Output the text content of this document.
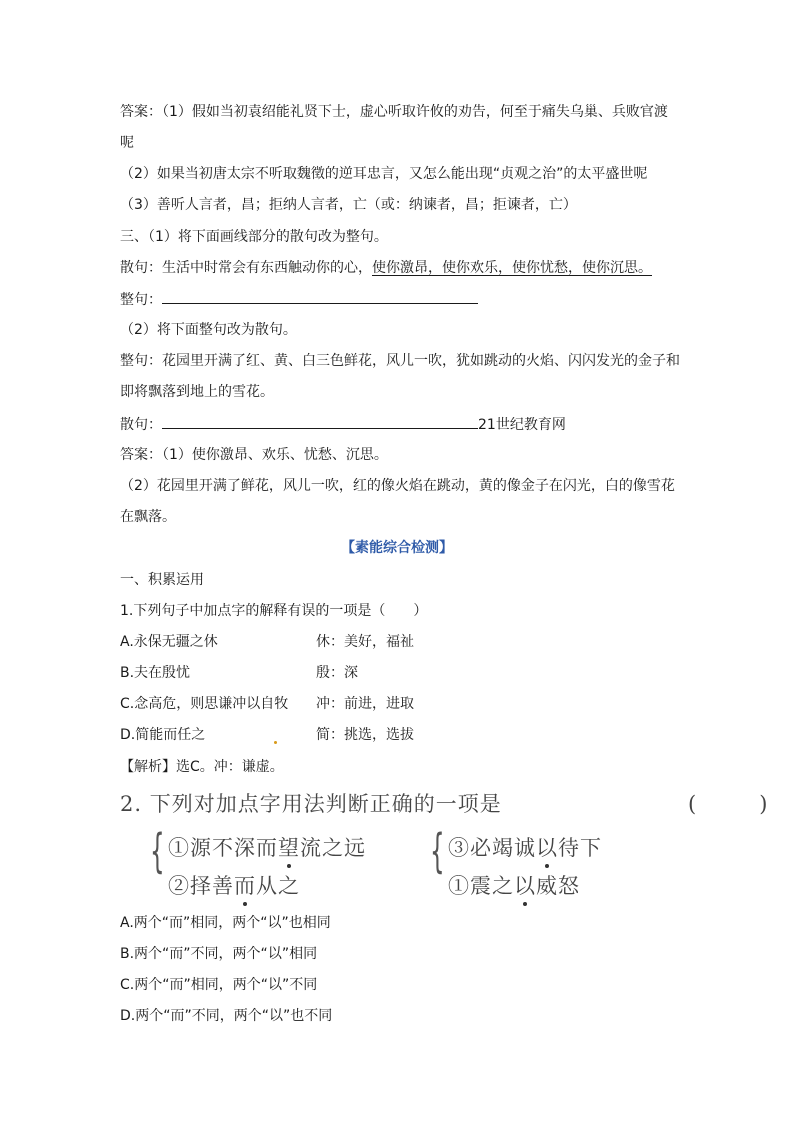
答案：（1）假如当初袁绍能礼贤下士，虚心听取许攸的劝告，何至于痛失乌巢、兵败官渡
呢
（2）如果当初唐太宗不听取魏徵的逆耳忠言，又怎么能出现“贞观之治”的太平盛世呢
（3）善听人言者，昌；拒纳人言者，亡（或：纳谏者，昌；拒谏者，亡）
三、（1）将下面画线部分的散句改为整句。
散句：生活中时常会有东西触动你的心，使你激昂，使你欢乐，使你忧愁，使你沉思。
整句：
（2）将下面整句改为散句。
整句：花园里开满了红、黄、白三色鲜花，风儿一吹，犹如跳动的火焰、闪闪发光的金子和
即将飘落到地上的雪花。
散句：	21世纪教育网
答案：（1）使你激昂、欢乐、忧愁、沉思。
（2）花园里开满了鲜花，风儿一吹，红的像火焰在跳动，黄的像金子在闪光，白的像雪花
在飘落。
【素能综合检测】
一、积累运用
1.下列句子中加点字的解释有误的一项是（　　）
A.永保无疆之休	休：美好，福祉
B.夫在殷忧	殷：深
C.念高危，则思谦冲以自牧 冲：前进，进取
D.简能而任之	简：挑选，选拔
【解析】选C。冲：谦虚。
2. 下列对加点字用法判断正确的一项是	(　　　)
{ ①源不深而望流之远
②择善而从之
{ ③必竭诚以待下
①震之以威怒
A.两个“而”相同，两个“以”也相同
B.两个“而”不同，两个“以”相同
C.两个“而”相同，两个“以”不同
D.两个“而”不同，两个“以”也不同
